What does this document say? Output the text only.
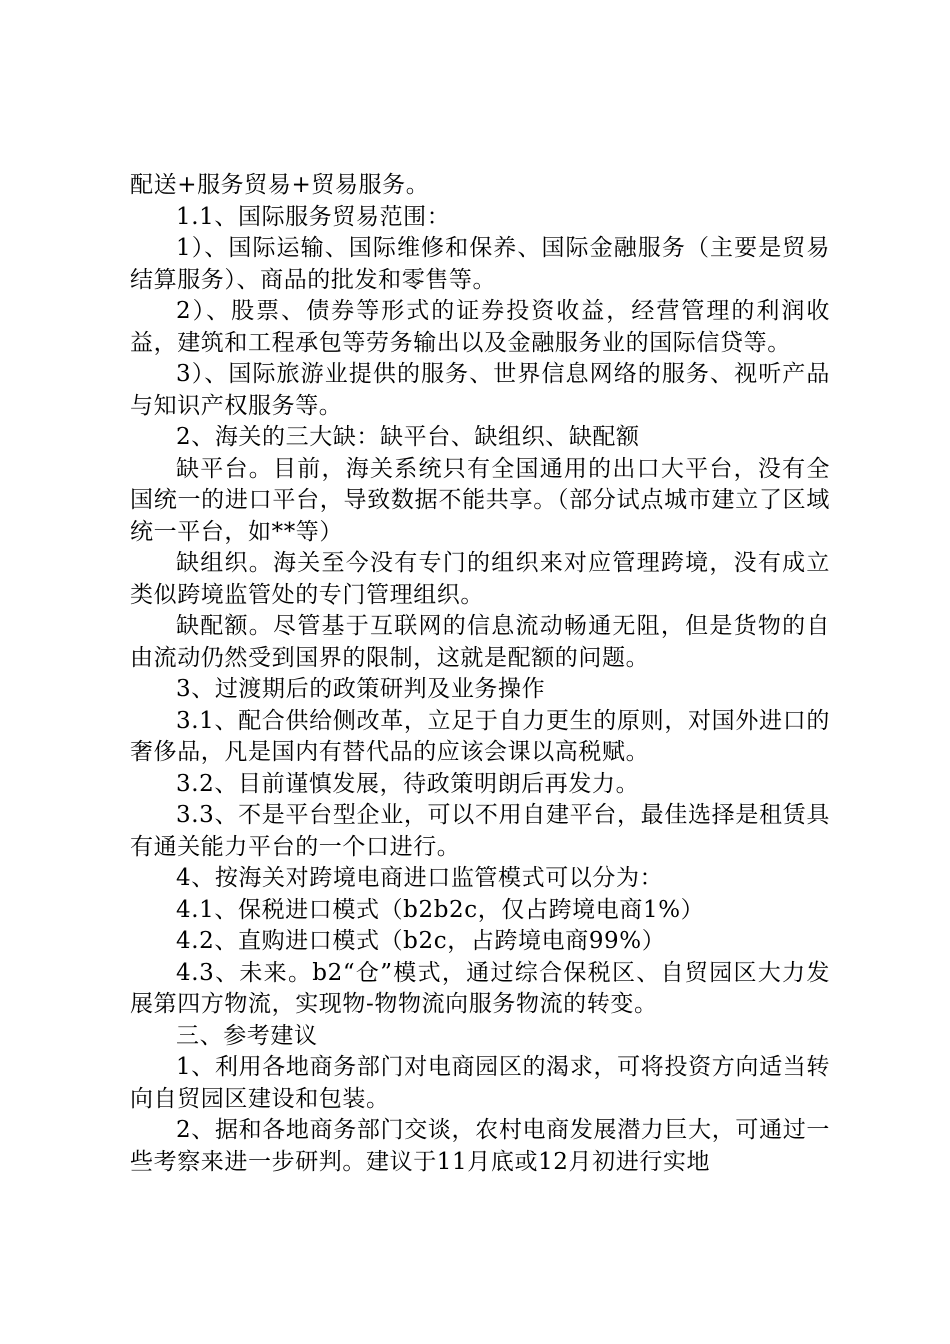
配送+服务贸易+贸易服务。

1.1、国际服务贸易范围：

1）、国际运输、国际维修和保养、国际金融服务（主要是贸易结算服务）、商品的批发和零售等。

2）、股票、债券等形式的证券投资收益，经营管理的利润收益，建筑和工程承包等劳务输出以及金融服务业的国际信贷等。

3）、国际旅游业提供的服务、世界信息网络的服务、视听产品与知识产权服务等。

2、海关的三大缺：缺平台、缺组织、缺配额

缺平台。目前，海关系统只有全国通用的出口大平台，没有全国统一的进口平台，导致数据不能共享。（部分试点城市建立了区域统一平台，如**等）

缺组织。海关至今没有专门的组织来对应管理跨境，没有成立类似跨境监管处的专门管理组织。

缺配额。尽管基于互联网的信息流动畅通无阻，但是货物的自由流动仍然受到国界的限制，这就是配额的问题。

3、过渡期后的政策研判及业务操作

3.1、配合供给侧改革，立足于自力更生的原则，对国外进口的奢侈品，凡是国内有替代品的应该会课以高税赋。

3.2、目前谨慎发展，待政策明朗后再发力。

3.3、不是平台型企业，可以不用自建平台，最佳选择是租赁具有通关能力平台的一个口进行。

4、按海关对跨境电商进口监管模式可以分为：

4.1、保税进口模式（b2b2c，仅占跨境电商1%）

4.2、直购进口模式（b2c，占跨境电商99%）

4.3、未来。b2“仓”模式，通过综合保税区、自贸园区大力发展第四方物流，实现物-物物流向服务物流的转变。

三、参考建议

1、利用各地商务部门对电商园区的渴求，可将投资方向适当转向自贸园区建设和包装。

2、据和各地商务部门交谈，农村电商发展潜力巨大，可通过一些考察来进一步研判。建议于11月底或12月初进行实地
